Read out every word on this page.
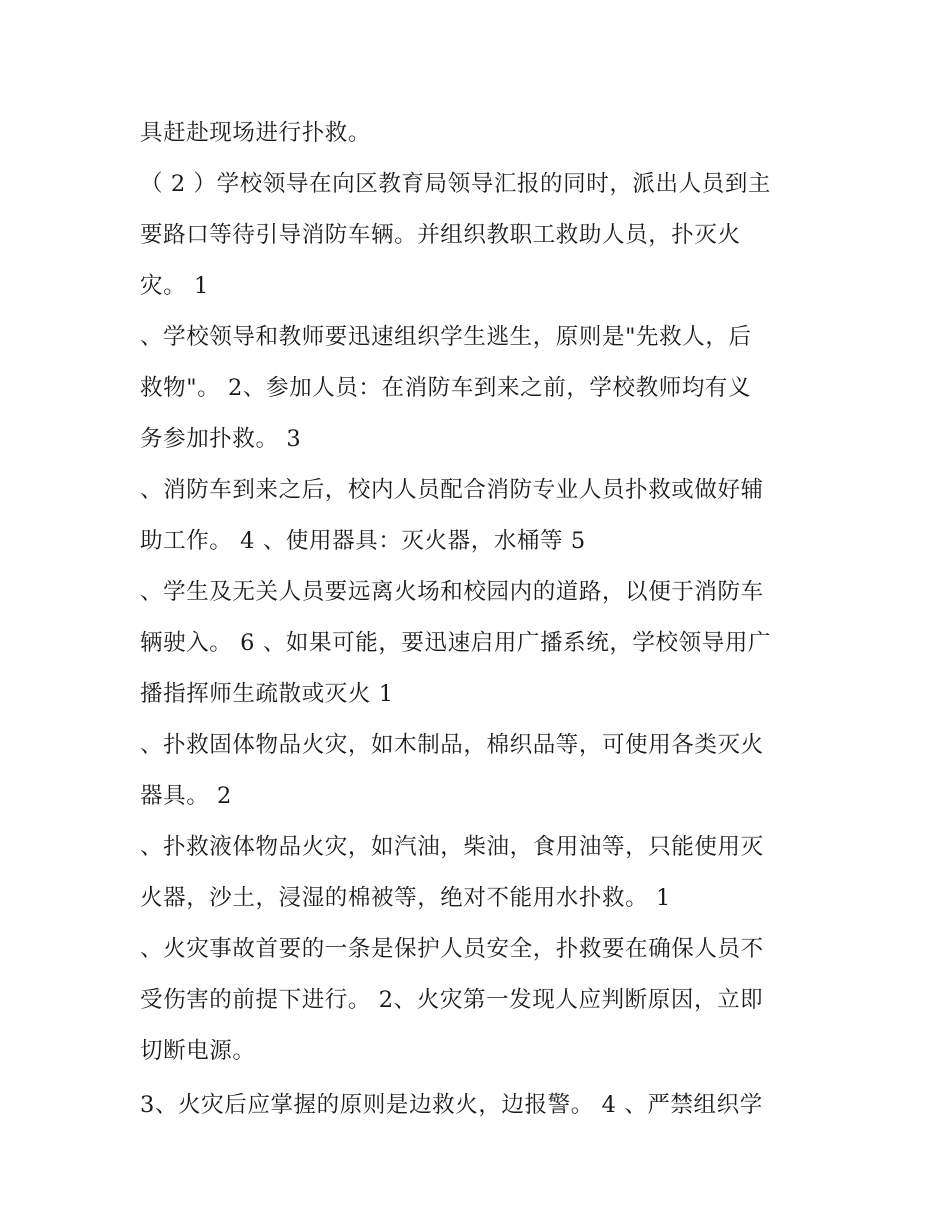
具赶赴现场进行扑救。
（ 2 ）学校领导在向区教育局领导汇报的同时，派出人员到主
要路口等待引导消防车辆。并组织教职工救助人员，扑灭火
灾。 1
、学校领导和教师要迅速组织学生逃生，原则是"先救人，后
救物"。 2、参加人员：在消防车到来之前，学校教师均有义
务参加扑救。 3
、消防车到来之后，校内人员配合消防专业人员扑救或做好辅
助工作。 4 、使用器具：灭火器，水桶等 5
、学生及无关人员要远离火场和校园内的道路，以便于消防车
辆驶入。 6 、如果可能，要迅速启用广播系统，学校领导用广
播指挥师生疏散或灭火 1
、扑救固体物品火灾，如木制品，棉织品等，可使用各类灭火
器具。 2
、扑救液体物品火灾，如汽油，柴油，食用油等，只能使用灭
火器，沙土，浸湿的棉被等，绝对不能用水扑救。 1
、火灾事故首要的一条是保护人员安全，扑救要在确保人员不
受伤害的前提下进行。 2、火灾第一发现人应判断原因，立即
切断电源。
3、火灾后应掌握的原则是边救火，边报警。 4 、严禁组织学
